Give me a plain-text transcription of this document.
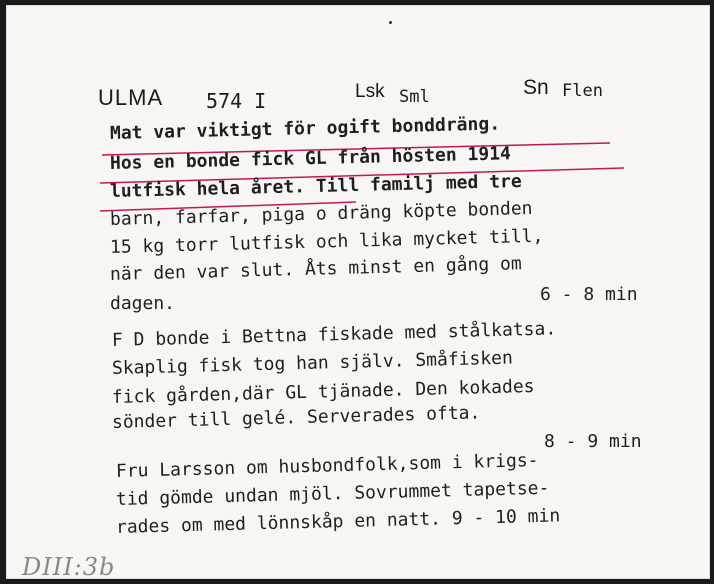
ULMA 574 I	Lsk Sml	Sn Flen
Mat var viktigt för ogift bonddräng.
Hos en bonde fick GL från hösten 1914
lutfisk hela året. Till familj med tre
barn, farfar, piga o dräng köpte bonden
15 kg torr lutfisk och lika mycket till,
när den var slut. Åts minst en gång om
dagen.	6 - 8 min
F D bonde i Bettna fiskade med stålkatsa.
Skaplig fisk tog han själv. Småfisken
fick gården,där GL tjänade. Den kokades
sönder till gelé. Serverades ofta.
8 - 9 min
Fru Larsson om husbondfolk,som i krigs-
tid gömde undan mjöl. Sovrummet tapetse-
rades om med lönnskåp en natt. 9 - 10 min
DIII:3b
